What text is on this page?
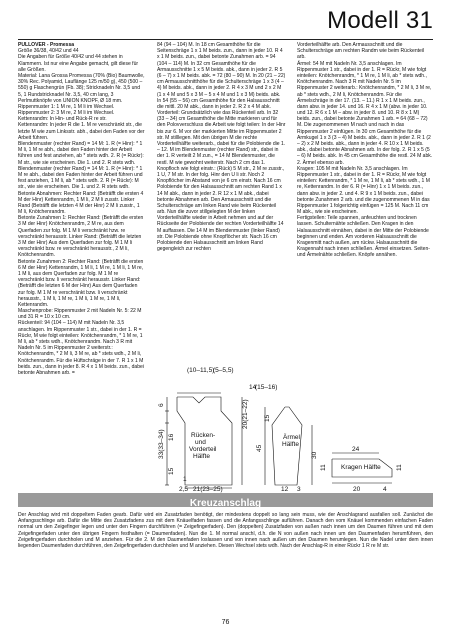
Modell 31

PULLOVER - Promessa

Größe 36/38, 40/42 und 44

Die Angaben für Größe 40/42 und 44 stehen in Klammern. Ist nur eine Angabe gemacht, gilt diese für alle Größen.

Material: Lana Grossa Promessa (70% (Bio) Baumwolle, 30% Rec. Polyamid, Lauflänge 125 m/50 g), 450 (500 – 550) g Flaschengrün (Fb. 38); Stricknadeln Nr. 3,5 und 5, 1 Rundstricknadel Nr. 3,5, 40 cm lang, 3 Perlmuttknöpfe von UNION KNOPF, Ø 18 mm.

Rippenmuster 1: 1 M re, 1 M li im Wechsel.

Rippenmuster 2: 3 M re, 2 M li im Wechsel.

Kettenrandm: In Hin- und Rück-R re str.

Kettenrandm: In jeder R die 1. M re verschränkt str., die letzte M wie zum Linksstr. abh., dabei den Faden vor der Arbeit führen.

Blendenmuster (rechter Rand) = 14 M: 1. R (= Hinr): * 1 M li, 1 M re abh., dabei den Faden hinter der Arbeit führen und fest anziehen, ab * stets wdh. 2. R (= Rückr): M str., wie sie erscheinen. Die 1. und 2. R stets wdh.

Blendenmuster (rechter Rand) = 14 M: 1. R (= Hinr): * 1 M re abh., dabei den Faden hinter der Arbeit führen und fest anziehen, 1 M li, ab * stets wdh. 2. R (= Rückr): M str., wie sie erscheinen. Die 1. und 2. R stets wdh.

Betonte Abnahmen: Rechter Rand: (Beträfft die ersten 4 M der Hinr) Kettenrandm, 1 M li, 2 M li zusstr. Linker Rand (Beträfft die letzten 4 M der Hinr) 2 M li zusstr., 1 M li, Knötchenrandm.

Betonte Zunahmen 1: Rechter Rand: (Beträfft die ersten 3 M der Hinr) Knötchenrandm, 2 M re, aus dem Querfaden zur folg. M 1 M li verschränkt hzw. re verschränkt herausstr. Linker Rand: (Beträfft die letzten 3 M der Hinr) Aus dem Querfaden zur folg. M 1 M li verschränkt bzw. re verschränkt herausstr., 2 M li, Knötchenrandm.

Betonte Zunahmen 2: Rechter Rand: (Beträfft die ersten 6 M der Hinr) Kettenrandm, 1 M li, 1 M re, 1 M li, 1 M re, 1 M li, aus dem Querfaden zur folg. M 1 M re verschränkt bzw. li verschränkt herausstr. Linker Rand: (Beträfft die letzten 6 M der Hinr) Aus dem Querfaden zur folg. M 1 M re verschränkt bzw. li verschränkt herausstr., 1 M li, 1 M re, 1 M li, 1 M re, 1 M li, Kettenrandm.

Maschenprobe: Rippenmuster 2 mit Nadeln Nr. 5: 22 M und 31 R = 10 x 10 cm.

Rückenteil: 94 (104 – 114) M mit Nadeln Nr. 3,5 anschlagen. Im Rippenmuster 1 str., dabei in der 1. R = Rückr, M wie folgt einteilen: Knötchenrandm, * 1 M re, 1 M li, ab * stets wdh., Knötchenrandm. Nach 3 R mit Nadeln Nr. 5 im Rippenmuster 2 weiterstr.: Knötchenrandm, * 2 M li, 3 M re, ab * stets wdh., 2 M li, Knötchenrandm. Für die Hüftschräge in der 7. R 1 x 1 M beids. zun., dann in jeder 8. R 4 x 1 M beids. zun., dabei betonte Abnahmen arb. =

84 (94 – 104) M. In 18 cm Gesamthöhe für die Seitenschräge 1 x 1 M beids. zun., dann in jeder 10. R 4 x 1 M beids. zun., dabei betonte Zunahmen arb. = 94 (104 – 114) M. In 32 cm Gesamthöhe für die Armausschnitte 1 x 5 M beids. abk., dann in jeder 2. R 5 (6 – 7) x 1 M beids. abk. = 72 (80 – 90) M. In 20 (21 – 22) cm Armausschnitthöhe für die Schulterschräge 1 x 3 (4 – 4) M beids. abk., dann in jeder 2. R 4 x 3 M und 2 x 2 M (1 x 4 M und 5 x 3 M – 5 x 4 M und 1 x 3 M) beids. abk. In 54 (55 – 56) cm Gesamthöhe für den Halsausschnitt die mittl. 20 M abk., dann in jeder 2. R 2 x 4 M abk.

Vorderteil: Grundsätzlich wie das Rückenteil arb. In 32 (33 – 34) cm Gesamthöhe die Mitte markieren und für den Polovverschluss die Arbeit wie folgt teilen: In der Hinr bis zur 6. M vor der markierten Mitte im Rippenmuster 2 str. M stilllegen. Mit den übrigen M die rechte Vorderteilhälfte weiterarb., dabei für die Polobiende die 1. – 12. M im Blendenmuster (rechter Rand) str., dabei in der 1. R verteilt 2 M zun., = 14 M Blendenmuster, die restl. M wie gewohnt weiterstr. Nach 2 cm das 1. Knopfloch wie folgt einstr.: (Rück) 5 M str., 2 M re zusstr., 1 U, 7 M str. In der folg. Hinr den U li str. Noch 2 Knopflöcher im Abstand von je 6 cm einstr. Nach 16 cm Polobiende für den Halsausschnitt am rechten Rand 1 x 14 M abk., dann in jeder 2. R 12 x 1 M abk., dabei betonte Abnahmen arb. Den Armausschnitt und die Schulterschräge am linken Rand wie beim Rückenteil arb. Nun die zuvor stillgelegten M der linken Vorderteilhälfte wieder in Arbeit nehmen und auf der Rückseite der Polobiende der rechten Vorderteilhälfte 14 M auffassen. Die 14 M im Blendenmuster (linker Rand) str. Die Polobiende ohne Knopflöcher str. Nach 16 cm Polobiende den Halsausschnitt am linken Rand gegengleich zur rechten

Vorderteilhälfte arb. Den Armausschnitt und die Schulterschräge am rechten Randm wie beim Rückenteil arb.

Ärmel: 54 M mit Nadeln Nr. 3,5 anschlagen. Im Rippenmuster 1 str., dabei in der 1. R = Rückr, M wie folgt einteilen: Knötchenrandm, * 1 M re, 1 M li, ab * stets wdh., Knötchenrandm. Nach 3 R mit Nadeln Nr. 5 im Rippenmuster 2 weiterarb.: Knötchenrandm, * 2 M li, 3 M re, ab * stets wdh., 2 M li, Knötchenrandm. Für die Ärmelschräge in der 17. (13. – 11.) R 1 x 1 M beids. zun., dann abw. in jeder 14. und 16. R 4 x 1 M (abw. in jeder 10. und 12. R 6 x 1 M – abw. in jeder 8. und 10. R 8 x 1 M) beids. zun., dabei betonte Zunahmen 1 arb. = 64 (68 – 72) M. Die zugenommenen M nach und nach in das Rippenmuster 2 einfügen. In 30 cm Gesamthöhe für die Armkugel 1 x 3 (3 – 4) M beids. abk., dann in jeder 2. R 1 (2 – 2) x 2 M beids. abk., dann in jeder 4. R 10 x 1 M beids. abk., dabei betonte Abnahmen arb. In der folg. 2. R 1 x 5 (5 – 6) M beids. abk. In 45 cm Gesamthöhe die restl. 24 M abk. 2. Ärmel ebenso arb.

Kragen: 105 M mit Nadeln Nr. 3,5 anschlagen. Im Rippenmuster 1 str., dabei in der 1. R = Rückr, M wie folgt einteilen: Kettenrandm, * 1 M re, 1 M li, ab * stets wdh., 1 M re, Kettenrandm. In der 6. R (= Hinr) 1 x 1 M beids. zun., dann abw. in jeder 2. und 4. R 9 x 1 M beids. zun., dabei betonte Zunahmen 2 arb. und die zugenommenen M in das Rippenmuster 1 folgerichtig einfügen = 125 M. Nach 11 cm M abk., wie sie erscheinen.

Fertigstellen: Teile spannen, anfeuchten und trocknen lassen. Schulternähte schließen. Den Kragen in den Halsausschnitt einnähen, dabei in der Mitte der Polobiende beginnen und enden. Am vorderen Halsausschnitt die Kragenmitt nach außen, am rückw. Halsausschnitt die Kragennaht nach innen schließen. Ärmel einsetzen. Seiten- und Ärmelnähte schließen. Knöpfe annähen.

(10–11,5)
(5–5,5)
6
33(33–34) 16
15
20(21–22)
Rücken-
und
Vorderteil
Hälfte
21(23–25)
2,5
1
(15–16)
14
Ärmel
Hälfte
15
45
30
12 3
24
Kragen Hälfte
11	11
20	4
Kreuzanschlag
Der Anschlag wird mit doppeltem Faden gearb. Dafür wird ein Zusatzfaden benötigt, der mindestens doppelt so lang sein muss, wie der Anschlagrand ausfallen soll. Zunächst die Anfangsschlinge arb. Dafür die Mitte des Zusatzfadens zus mit dem Knäuelfaden fassen und die Anfangsschlinge auflühren. Danach den vom Knäuel kommenden einfachen Faden normal um den Zeigefinger legen und unter den Fingern durchführen (= Zeigefingerfaden). Den (doppelten) Zusatzfaden von außen nach innen um den Daumen führen und mit dem Zeigefingerfaden unter den übrigen Fingern festhalten (= Daumenfaden). Nun die 1. M normal anschl, d.h. die N von außen nach innen um den Daumenfaden herumführen, den Zeigefingerfaden durchholen und M anziehen. Für die 2. M den Daumenfaden loslassen und von innen nach außen um den Daumen herumlegen. Nun die Nadel unter dem innen liegenden Daumenfaden durchführen, den Zeigefingerfaden durchholen und M anziehen. Diesen Wechsel stets wdh. Nach der Anschlag-R in einer Rückr 1 R re M str.
76
